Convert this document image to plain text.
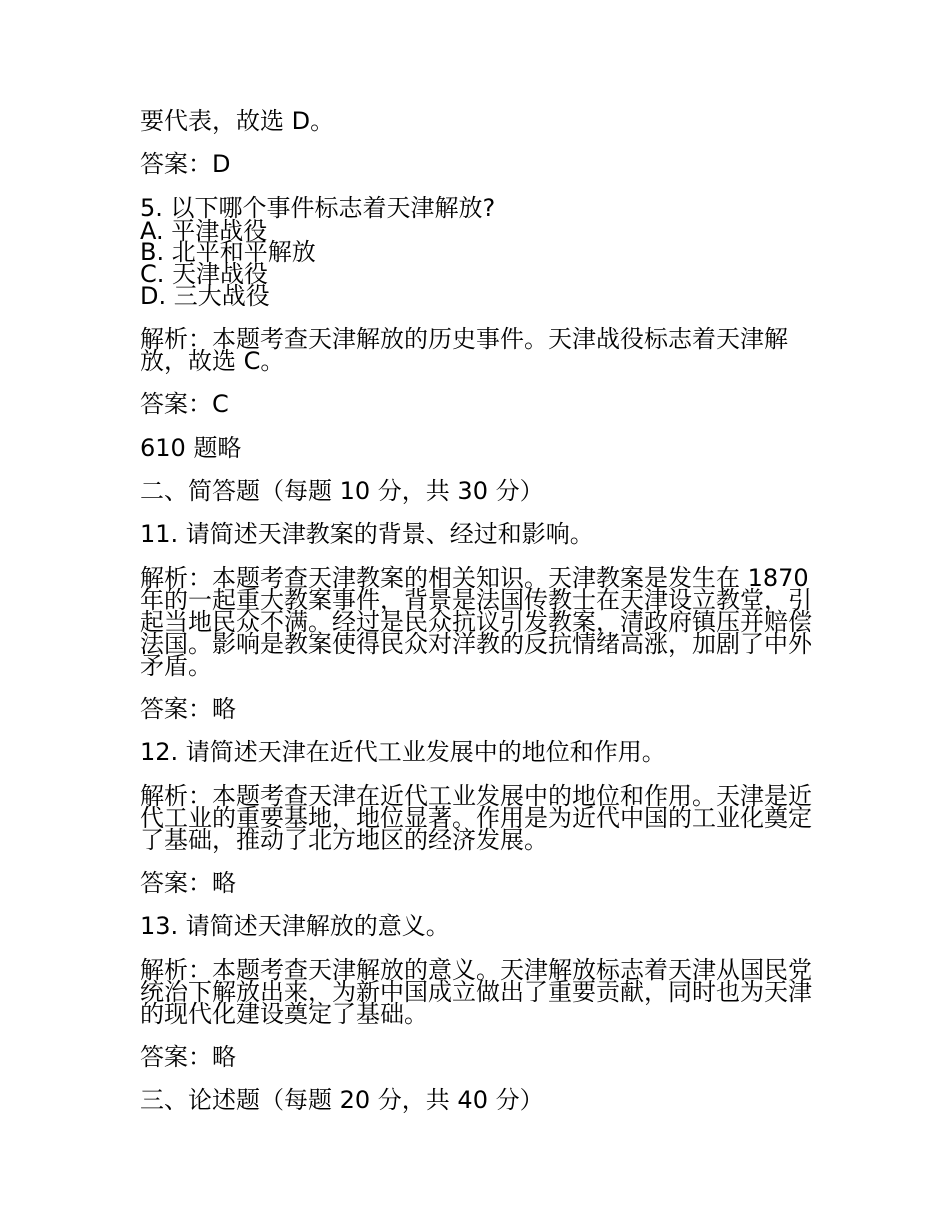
要代表，故选 D。
答案：D
5. 以下哪个事件标志着天津解放?
A. 平津战役
B. 北平和平解放
C. 天津战役
D. 三大战役
解析：本题考查天津解放的历史事件。天津战役标志着天津解放，故选 C。
答案：C
610 题略
二、简答题（每题 10 分，共 30 分）
11. 请简述天津教案的背景、经过和影响。
解析：本题考查天津教案的相关知识。天津教案是发生在 1870 年的一起重大教案事件，背景是法国传教士在天津设立教堂，引起当地民众不满。经过是民众抗议引发教案，清政府镇压并赔偿法国。影响是教案使得民众对洋教的反抗情绪高涨，加剧了中外矛盾。
答案：略
12. 请简述天津在近代工业发展中的地位和作用。
解析：本题考查天津在近代工业发展中的地位和作用。天津是近代工业的重要基地，地位显著。作用是为近代中国的工业化奠定了基础，推动了北方地区的经济发展。
答案：略
13. 请简述天津解放的意义。
解析：本题考查天津解放的意义。天津解放标志着天津从国民党统治下解放出来，为新中国成立做出了重要贡献，同时也为天津的现代化建设奠定了基础。
答案：略
三、论述题（每题 20 分，共 40 分）
